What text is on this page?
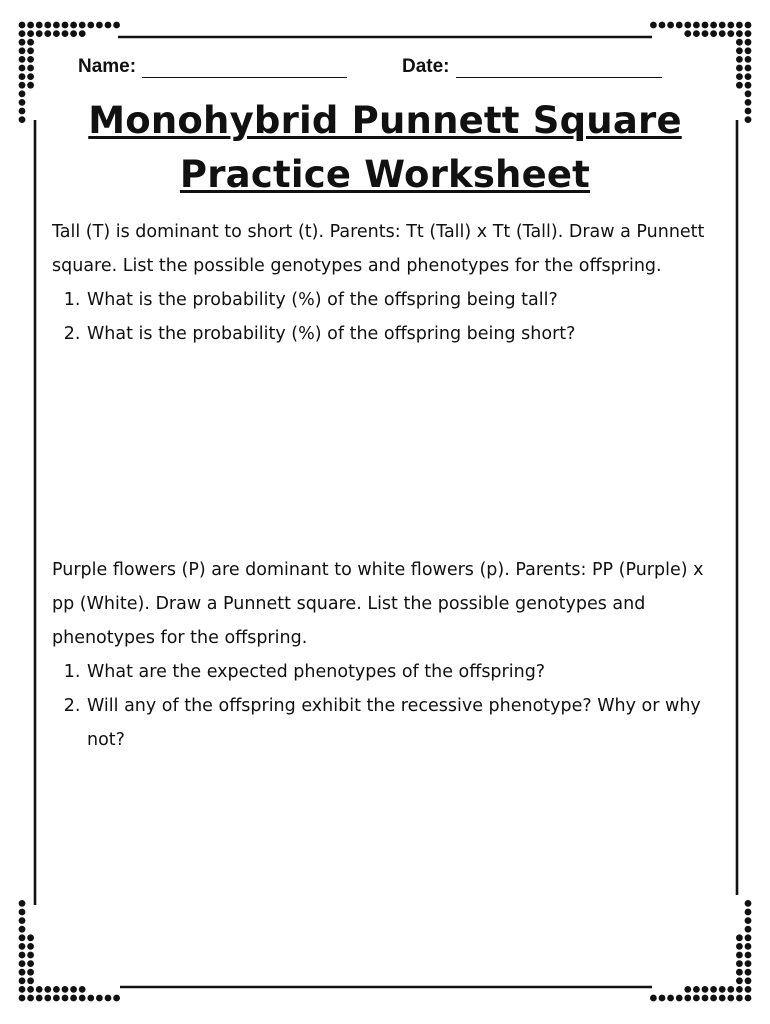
Name:	Date:
Monohybrid Punnett Square
Practice Worksheet

Tall (T) is dominant to short (t). Parents: Tt (Tall) x Tt (Tall). Draw a Punnett square. List the possible genotypes and phenotypes for the offspring.

1. What is the probability (%) of the offspring being tall?
2. What is the probability (%) of the offspring being short?

Purple flowers (P) are dominant to white flowers (p). Parents: PP (Purple) x pp (White). Draw a Punnett square. List the possible genotypes and phenotypes for the offspring.

1. What are the expected phenotypes of the offspring?
2. Will any of the offspring exhibit the recessive phenotype? Why or why not?
